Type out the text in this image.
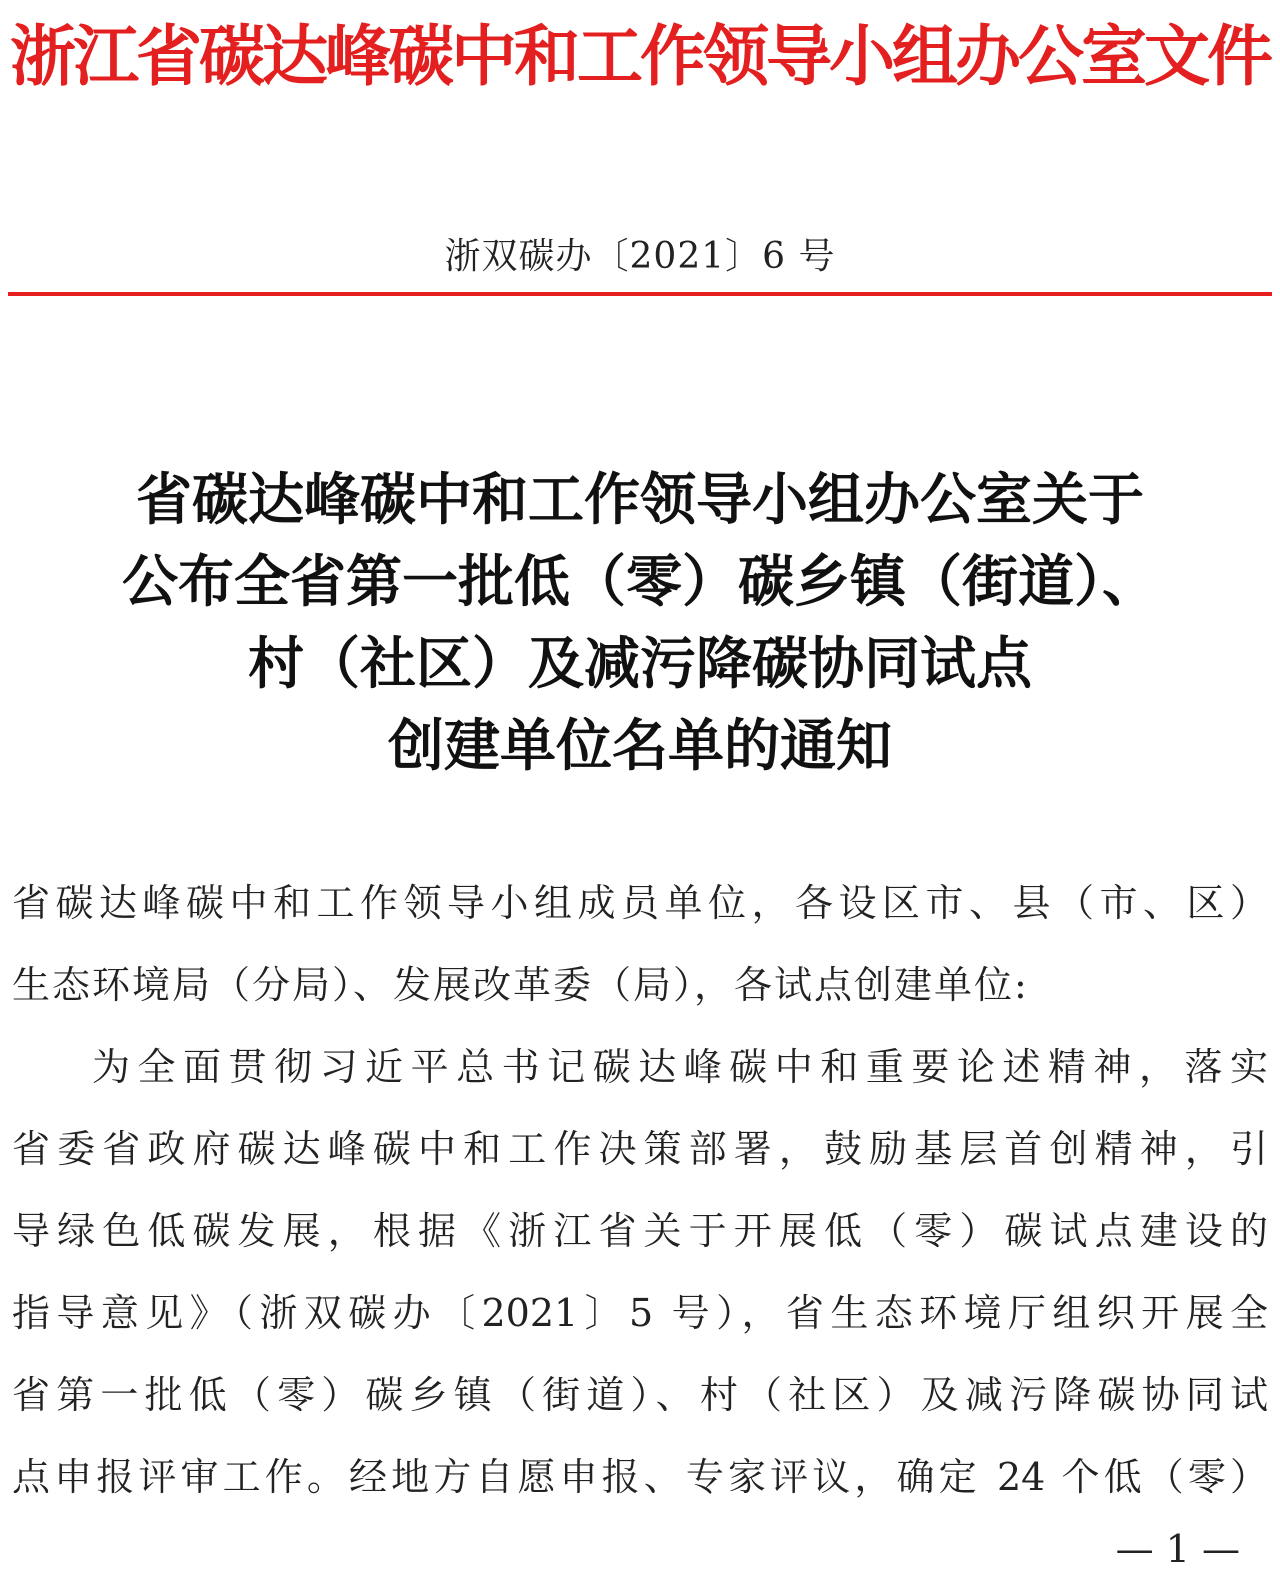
浙江省碳达峰碳中和工作领导小组办公室文件
浙双碳办〔2021〕6 号
省碳达峰碳中和工作领导小组办公室关于
公布全省第一批低（零）碳乡镇（街道）、
村（社区）及减污降碳协同试点
创建单位名单的通知
省碳达峰碳中和工作领导小组成员单位，各设区市、县（市、区）
生态环境局（分局）、发展改革委（局），各试点创建单位:
为全面贯彻习近平总书记碳达峰碳中和重要论述精神，落实
省委省政府碳达峰碳中和工作决策部署，鼓励基层首创精神，引
导绿色低碳发展，根据《浙江省关于开展低（零）碳试点建设的
指导意见》（浙双碳办〔2021〕5 号），省生态环境厅组织开展全
省第一批低（零）碳乡镇（街道）、村（社区）及减污降碳协同试
点申报评审工作。经地方自愿申报、专家评议，确定 24 个低（零）
— 1 —
